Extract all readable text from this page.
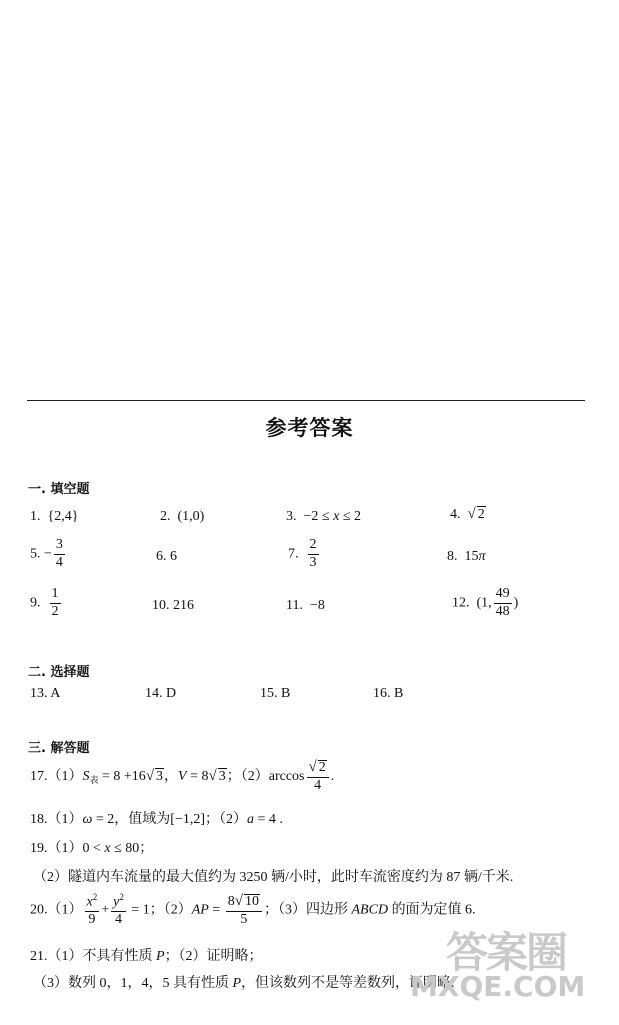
参考答案
一. 填空题
1. {2,4}	2. (1,0)	3. −2 ≤ x ≤ 2	4. √ 2
5. − $\frac{3}{4}$	6. 6	7. $\frac{2}{3}$	8. 15π
9. $\frac{1}{2}$	10. 216	11. −8	12. (1, $\frac{49}{48}$ )
二. 选择题
13. A	14. D	15. B	16. B
三. 解答题
$17.(1)S_表 = 8 +16√$ 3，V = 8√ 3；$(2)\arccos \frac{√ 2}{4}$ .
18.（1）ω = 2，值域为[−1,2]；（2）a = 4 .
19.（1）0 < x ≤ 80；
（2）隧道内车流量的最大值约为 3250 辆/小时，此时车流密度约为 87 辆/千米.
$20.(1) \frac{x^2}{9} + \frac{y^2}{4} = 1$；$(2)AP = \frac{8√ 10}{5}$ ；（3）四边形 ABCD 的面为定值 6.
21.（1）不具有性质 P；（2）证明略；
（3）数列 0，1，4，5 具有性质 P，但该数列不是等差数列，证明略.
答案圈
MXQE.COM
